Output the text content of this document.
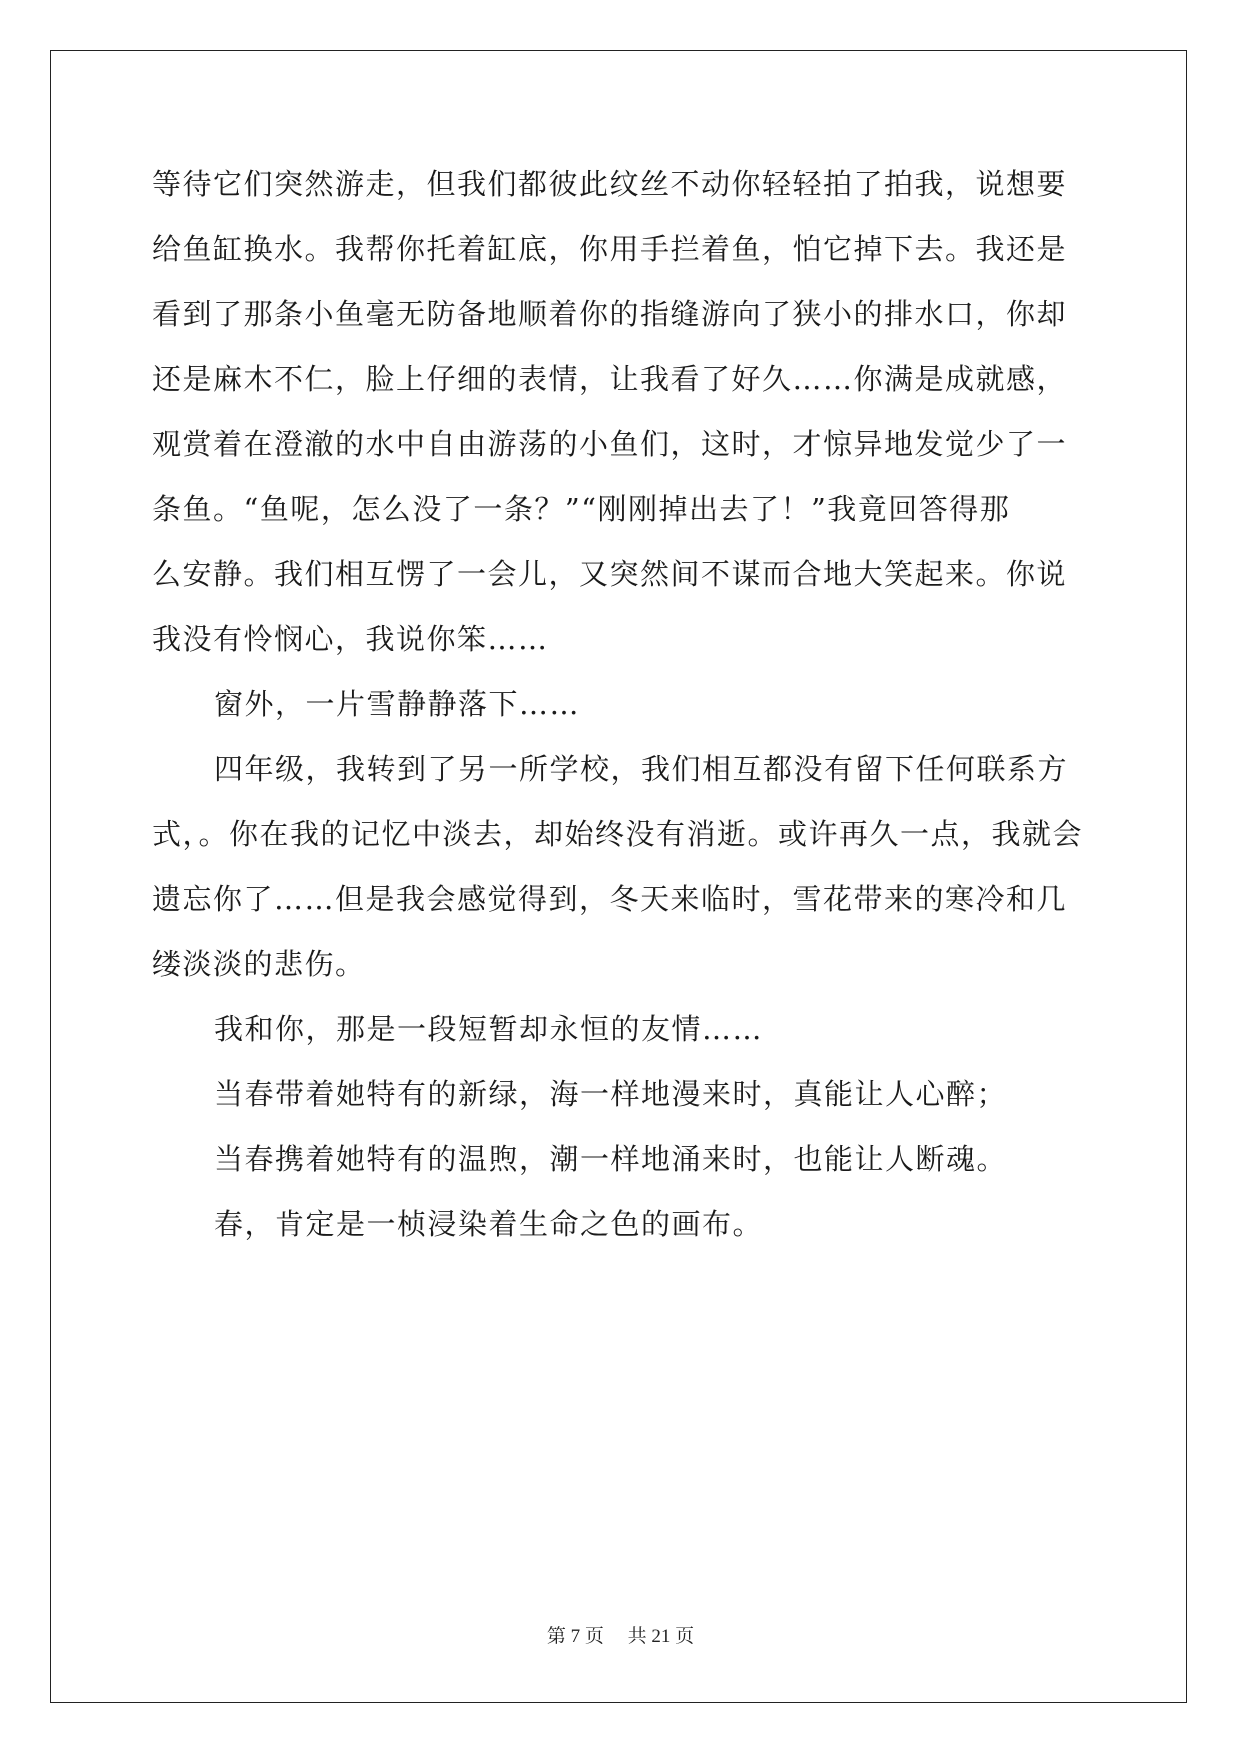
等待它们突然游走，但我们都彼此纹丝不动你轻轻拍了拍我，说想要
给鱼缸换水。我帮你托着缸底，你用手拦着鱼，怕它掉下去。我还是
看到了那条小鱼毫无防备地顺着你的指缝游向了狭小的排水口，你却
还是麻木不仁，脸上仔细的表情，让我看了好久……你满是成就感，
观赏着在澄澈的水中自由游荡的小鱼们，这时，才惊异地发觉少了一
条鱼。“鱼呢，怎么没了一条？”“刚刚掉出去了！”我竟回答得那
么安静。我们相互愣了一会儿，又突然间不谋而合地大笑起来。你说
我没有怜悯心，我说你笨……
窗外，一片雪静静落下……
四年级，我转到了另一所学校，我们相互都没有留下任何联系方
式，。你在我的记忆中淡去，却始终没有消逝。或许再久一点，我就会
遗忘你了……但是我会感觉得到，冬天来临时，雪花带来的寒冷和几
缕淡淡的悲伤。
我和你，那是一段短暂却永恒的友情……
当春带着她特有的新绿，海一样地漫来时，真能让人心醉；
当春携着她特有的温煦，潮一样地涌来时，也能让人断魂。
春，肯定是一桢浸染着生命之色的画布。
第 7 页　 共 21 页
